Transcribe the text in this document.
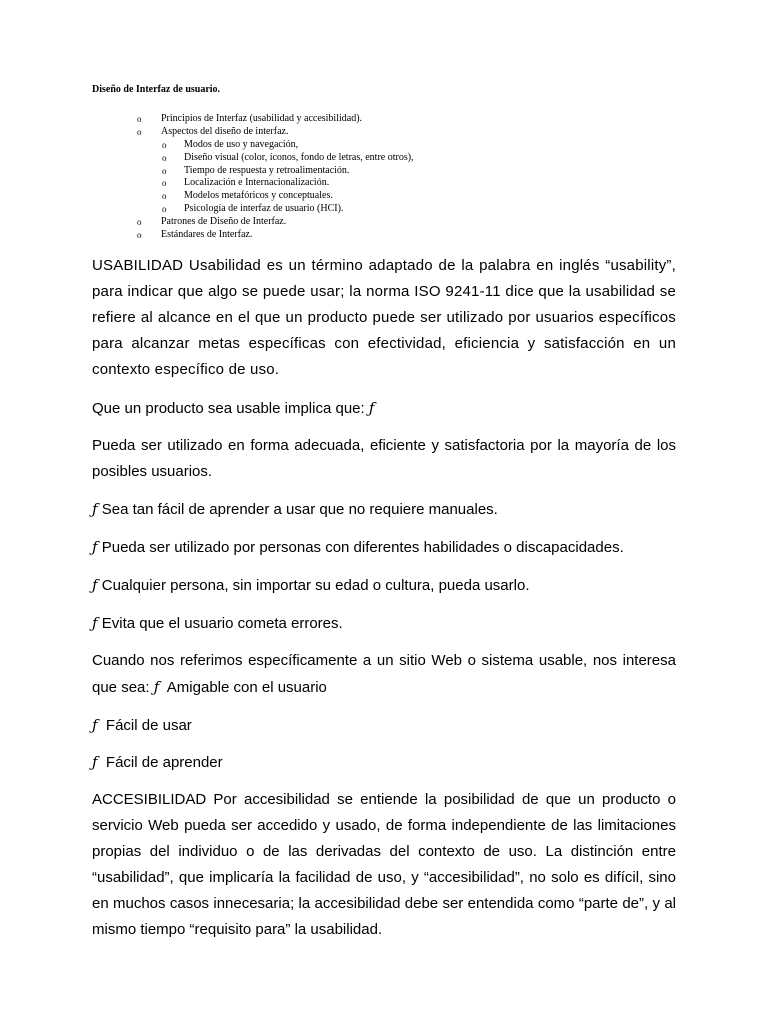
Diseño de Interfaz de usuario.
o Principios de Interfaz (usabilidad y accesibilidad).
o Aspectos del diseño de interfaz.
o Modos de uso y navegación,
o Diseño visual (color, íconos, fondo de letras, entre otros),
o Tiempo de respuesta y retroalimentación.
o Localización e Internacionalización.
o Modelos metafóricos y conceptuales.
o Psicología de interfaz de usuario (HCI).
o Patrones de Diseño de Interfaz.
o Estándares de Interfaz.

USABILIDAD Usabilidad es un término adaptado de la palabra en inglés “usability”, para indicar que algo se puede usar; la norma ISO 9241-11 dice que la usabilidad se refiere al alcance en el que un producto puede ser utilizado por usuarios específicos para alcanzar metas específicas con efectividad, eficiencia y satisfacción en un contexto específico de uso.

Que un producto sea usable implica que: ƒ

Pueda ser utilizado en forma adecuada, eficiente y satisfactoria por la mayoría de los posibles usuarios.

ƒ Sea tan fácil de aprender a usar que no requiere manuales.

ƒ Pueda ser utilizado por personas con diferentes habilidades o discapacidades.

ƒ Cualquier persona, sin importar su edad o cultura, pueda usarlo.

ƒ Evita que el usuario cometa errores.

Cuando nos referimos específicamente a un sitio Web o sistema usable, nos interesa que sea: ƒ Amigable con el usuario

ƒ Fácil de usar

ƒ Fácil de aprender

ACCESIBILIDAD Por accesibilidad se entiende la posibilidad de que un producto o servicio Web pueda ser accedido y usado, de forma independiente de las limitaciones propias del individuo o de las derivadas del contexto de uso. La distinción entre “usabilidad”, que implicaría la facilidad de uso, y “accesibilidad”, no solo es difícil, sino en muchos casos innecesaria; la accesibilidad debe ser entendida como “parte de”, y al mismo tiempo “requisito para” la usabilidad.
